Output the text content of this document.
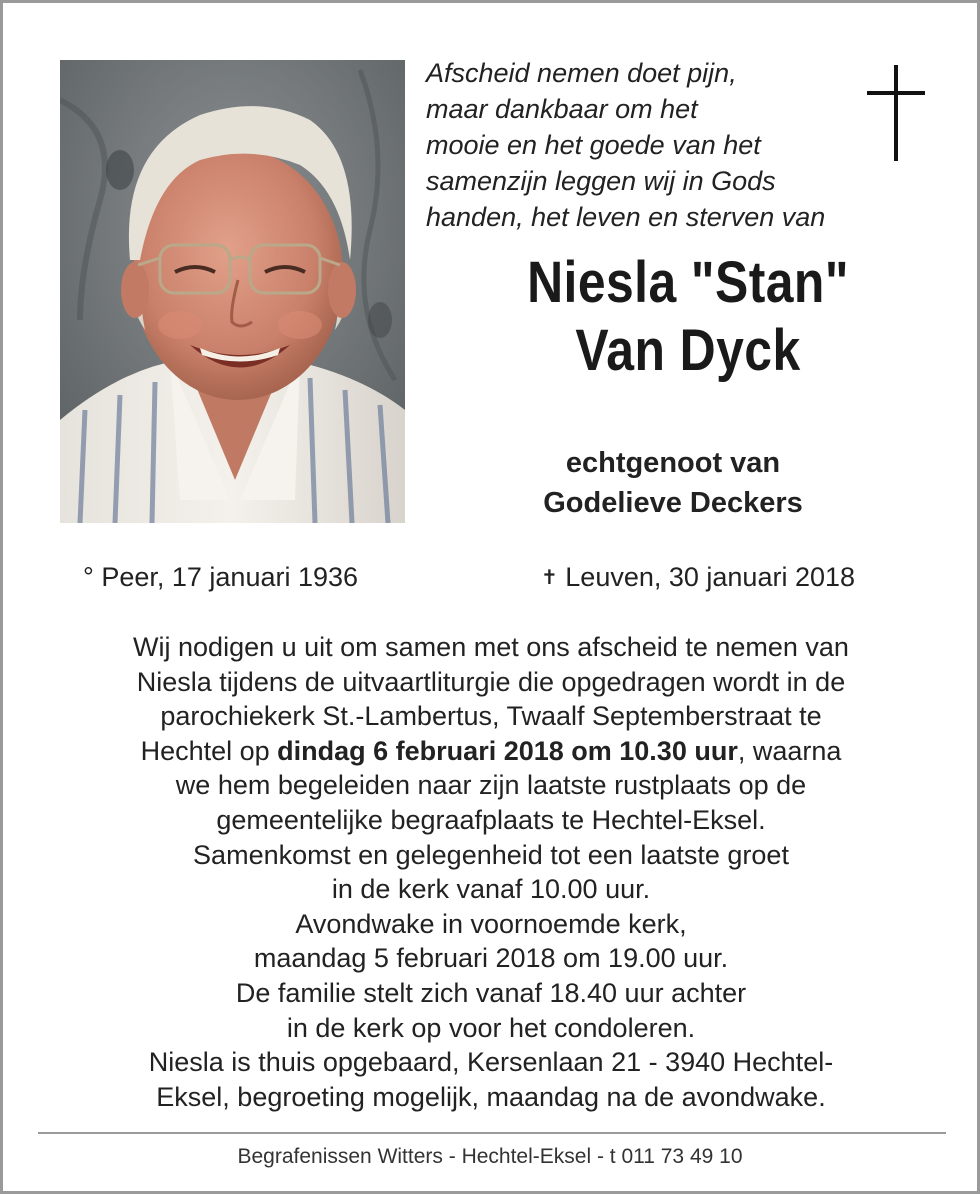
Afscheid nemen doet pijn,
maar dankbaar om het
mooie en het goede van het
samenzijn leggen wij in Gods
handen, het leven en sterven van
Niesla "Stan"
Van Dyck
echtgenoot van
Godelieve Deckers
° Peer, 17 januari 1936	✝ Leuven, 30 januari 2018
Wij nodigen u uit om samen met ons afscheid te nemen van
Niesla tijdens de uitvaartliturgie die opgedragen wordt in de
parochiekerk St.-Lambertus, Twaalf Septemberstraat te
Hechtel op dindag 6 februari 2018 om 10.30 uur, waarna
we hem begeleiden naar zijn laatste rustplaats op de
gemeentelijke begraafplaats te Hechtel-Eksel.
Samenkomst en gelegenheid tot een laatste groet
in de kerk vanaf 10.00 uur.
Avondwake in voornoemde kerk,
maandag 5 februari 2018 om 19.00 uur.
De familie stelt zich vanaf 18.40 uur achter
in de kerk op voor het condoleren.
Niesla is thuis opgebaard, Kersenlaan 21 - 3940 Hechtel-
Eksel, begroeting mogelijk, maandag na de avondwake.
Begrafenissen Witters - Hechtel-Eksel - t 011 73 49 10
